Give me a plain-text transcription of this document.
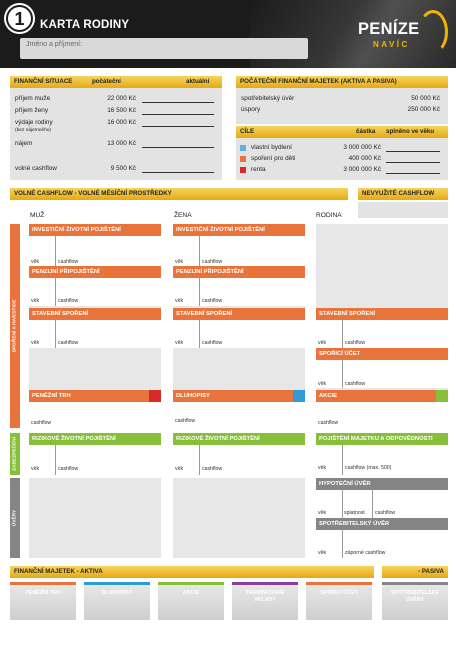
1	KARTA RODINY
Jméno a příjmení:
PENÍZE
NAVÍC
FINANČNÍ SITUACE	počáteční	aktuální
příjem muže	22 000 Kč
příjem ženy	16 500 Kč
výdaje rodiny	16 000 Kč
(bez nájemného)
nájem	13 000 Kč
volné cashflow	9 500 Kč
POČÁTEČNÍ FINANČNÍ MAJETEK (AKTIVA A PASIVA)
spotřebitelský úvěr	50 000 Kč
úspory	250 000 Kč
CÍLE	částka splněno ve věku
vlastní bydlení	3 000 000 Kč
spoření pro děti	400 000 Kč
renta	3 000 000 Kč
VOLNÉ CASHFLOW - VOLNÉ MĚSÍČNÍ PROSTŘEDKY	NEVYUŽITÉ CASHFLOW
MUŽ	ŽENA	RODINA
SPOŘENÍ A INVESTICE
ZABEZPEČENÍ
ÚVĚRY
INVESTIČNÍ ŽIVOTNÍ POJIŠTĚNÍ
věk	cashflow
PENZIJNÍ PŘIPOJIŠTĚNÍ
věk	cashflow
STAVEBNÍ SPOŘENÍ
věk	cashflow
PENĚŽNÍ TRH
cashflow
RIZIKOVÉ ŽIVOTNÍ POJIŠTĚNÍ
věk	cashflow
INVESTIČNÍ ŽIVOTNÍ POJIŠTĚNÍ
věk	cashflow
PENZIJNÍ PŘIPOJIŠTĚNÍ
věk	cashflow
STAVEBNÍ SPOŘENÍ
věk	cashflow
DLUHOPISY
cashflow
RIZIKOVÉ ŽIVOTNÍ POJIŠTĚNÍ
věk	cashflow
STAVEBNÍ SPOŘENÍ
věk	cashflow
SPOŘICÍ ÚČET
věk	cashflow
AKCIE
cashflow
POJIŠTĚNÍ MAJETKU A ODPOVĚDNOSTI
věk	cashflow (max. 500)
HYPOTEČNÍ ÚVĚR
věk	splatnost cashflow
SPOTŘEBITELSKÝ ÚVĚR
věk	záporné cashflow
FINANČNÍ MAJETEK - AKTIVA	- PASIVA
PENĚŽNÍ TRH	DLUHOPISY	AKCIE	TERMÍNOVANÉ VKLADY
SPOŘICÍ ÚČET	SPOTŘEBITELSKÉ ÚVĚRY
